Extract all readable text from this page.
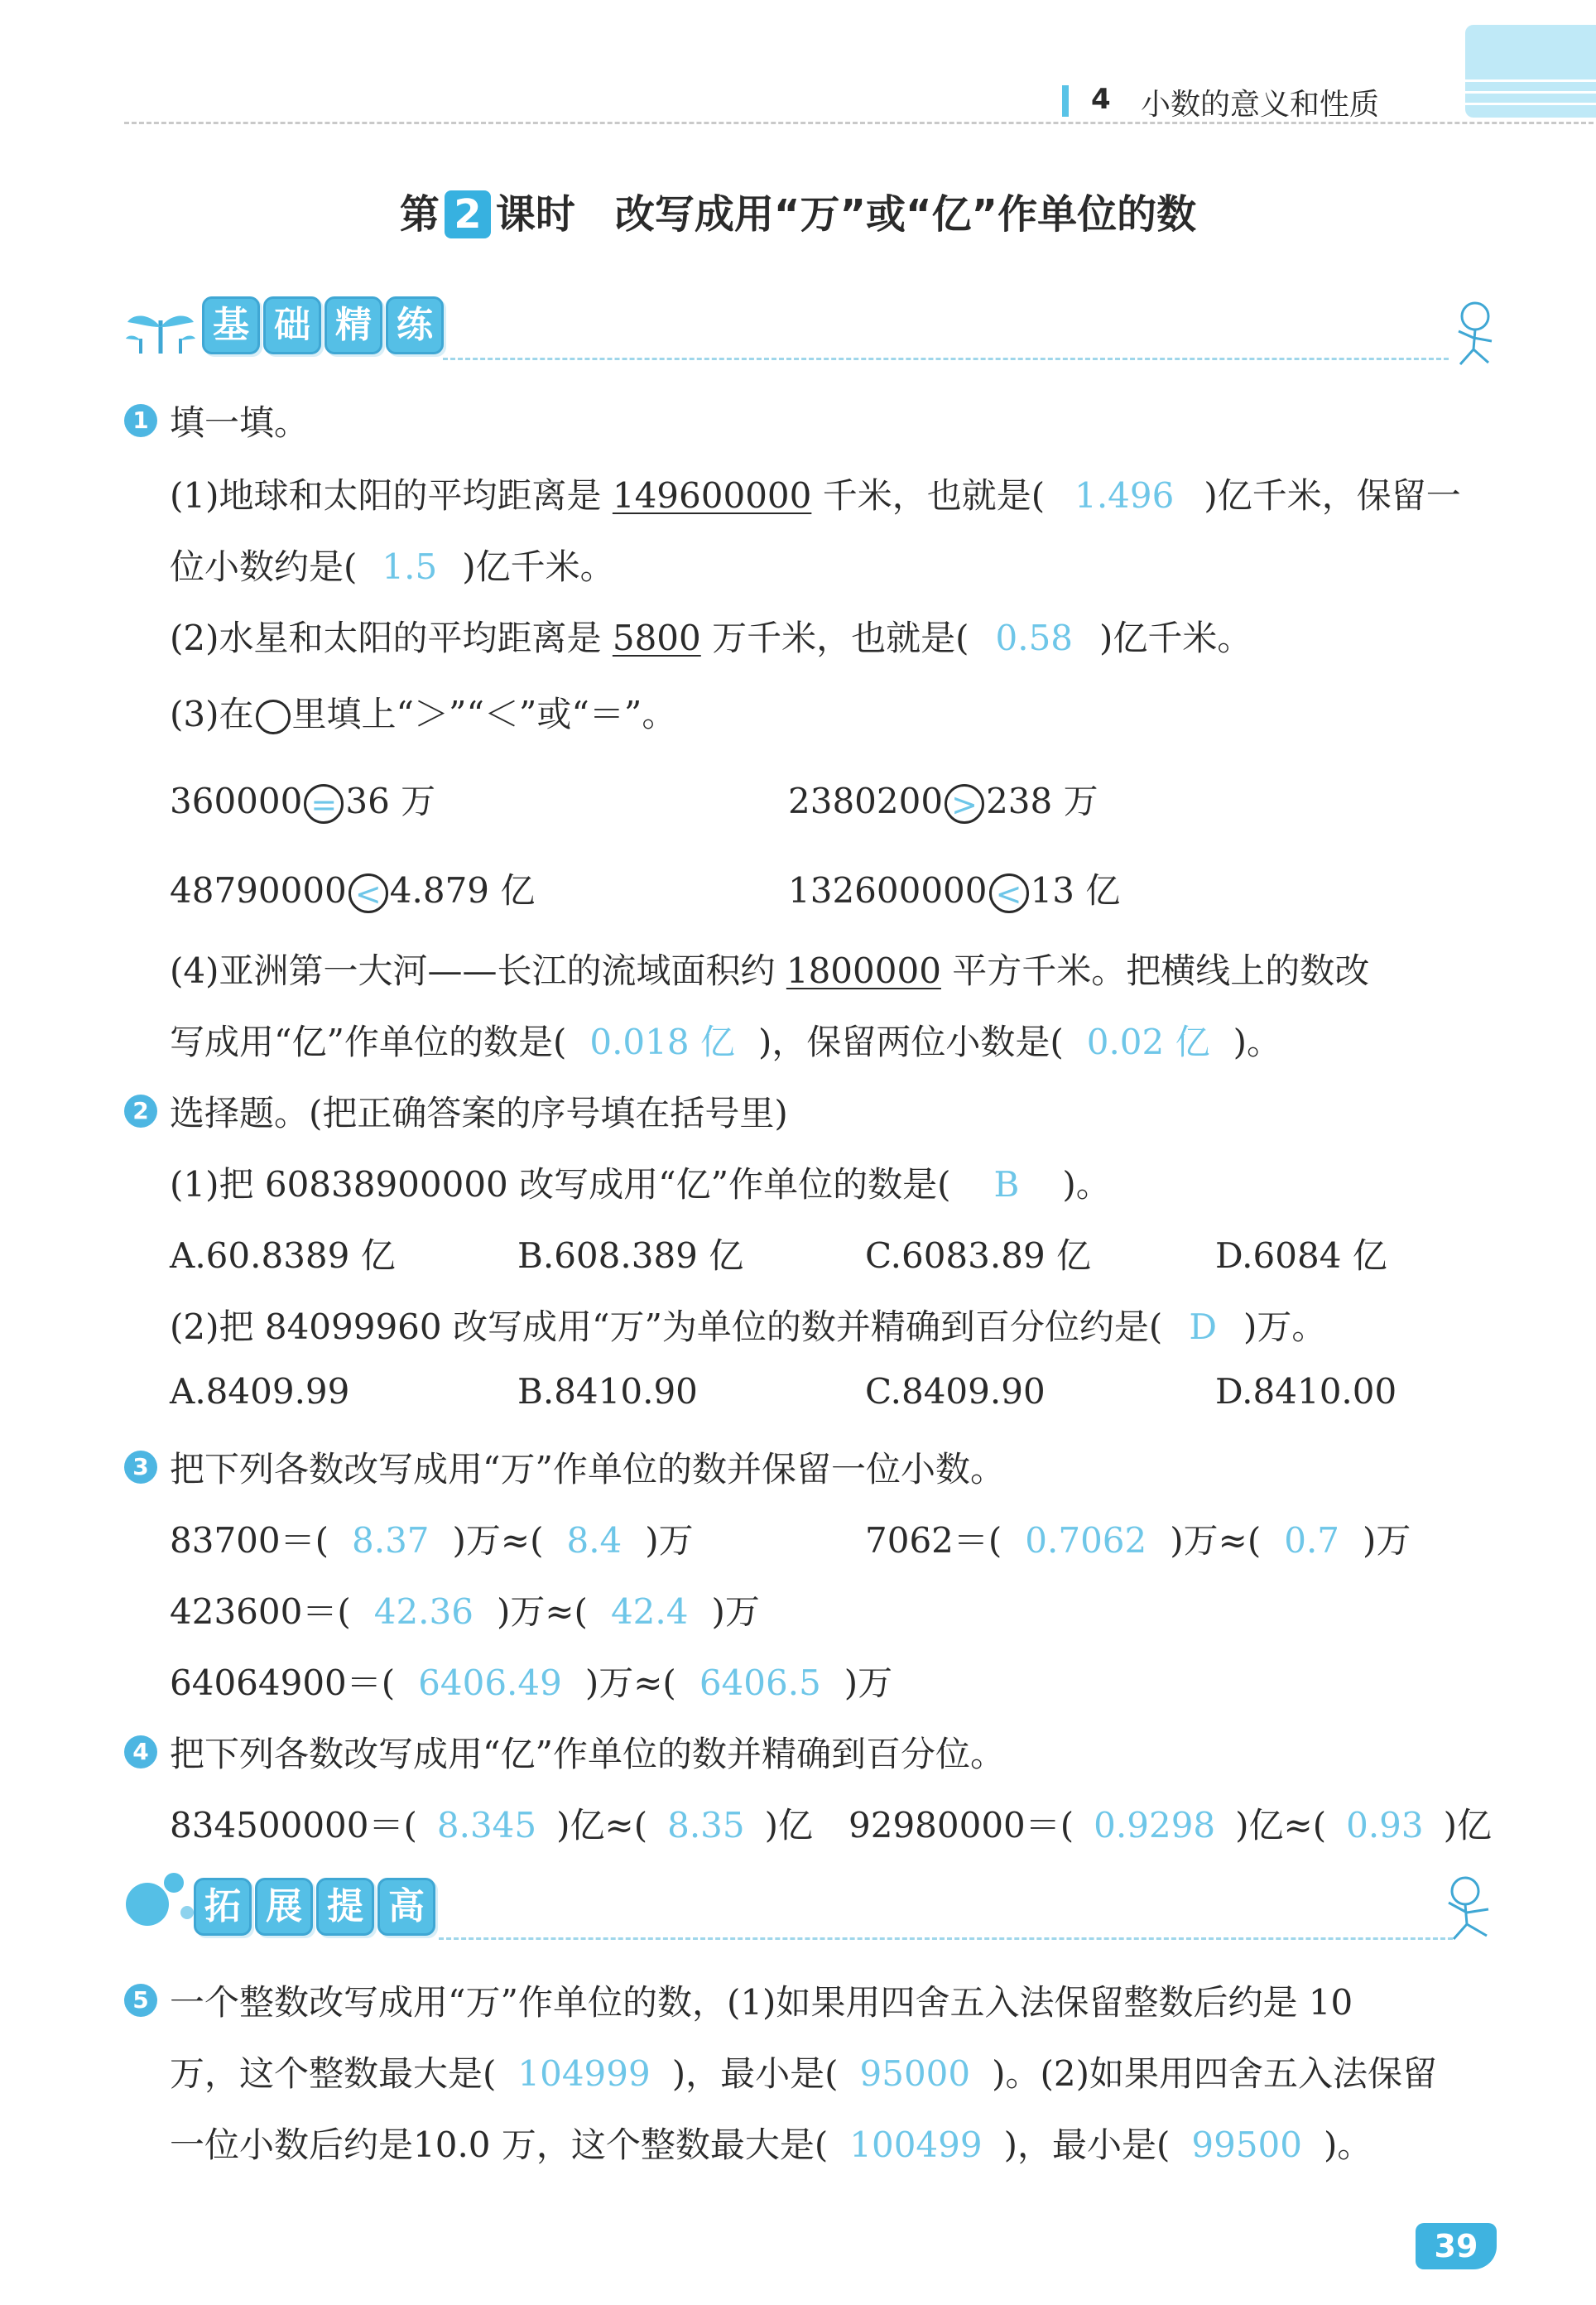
4 小数的意义和性质
第 2 课时　改写成用“万”或“亿”作单位的数
基 础 精 练
1 填一填。
(1)地球和太阳的平均距离是 149600000 千米，也就是( 1.496 )亿千米，保留一
位小数约是( 1.5 )亿千米。
(2)水星和太阳的平均距离是 5800 万千米，也就是( 0.58 )亿千米。
(3)在 里填上“＞”“＜”或“＝”。
360000 = 36 万	2380200 > 238 万
48790000 < 4.879 亿	132600000 < 13 亿
(4)亚洲第一大河——长江的流域面积约 1800000 平方千米。把横线上的数改
写成用“亿”作单位的数是( 0.018 亿 )，保留两位小数是( 0.02 亿 )。
2 选择题。(把正确答案的序号填在括号里)
(1)把 60838900000 改写成用“亿”作单位的数是( B )。
A.60.8389 亿	B.608.389 亿	C.6083.89 亿	D.6084 亿
(2)把 84099960 改写成用“万”为单位的数并精确到百分位约是( D )万。
A.8409.99	B.8410.90	C.8409.90	D.8410.00
3 把下列各数改写成用“万”作单位的数并保留一位小数。
83700＝( 8.37 )万≈( 8.4 )万	7062＝( 0.7062 )万≈( 0.7 )万
423600＝( 42.36 )万≈( 42.4 )万
64064900＝( 6406.49 )万≈( 6406.5 )万
4 把下列各数改写成用“亿”作单位的数并精确到百分位。
834500000＝( 8.345 )亿≈( 8.35 )亿 92980000＝( 0.9298 )亿≈( 0.93 )亿
拓 展 提 高
5 一个整数改写成用“万”作单位的数，(1)如果用四舍五入法保留整数后约是 10
万，这个整数最大是( 104999 )，最小是( 95000 )。(2)如果用四舍五入法保留
一位小数后约是10.0 万，这个整数最大是( 100499 )，最小是( 99500 )。
39
